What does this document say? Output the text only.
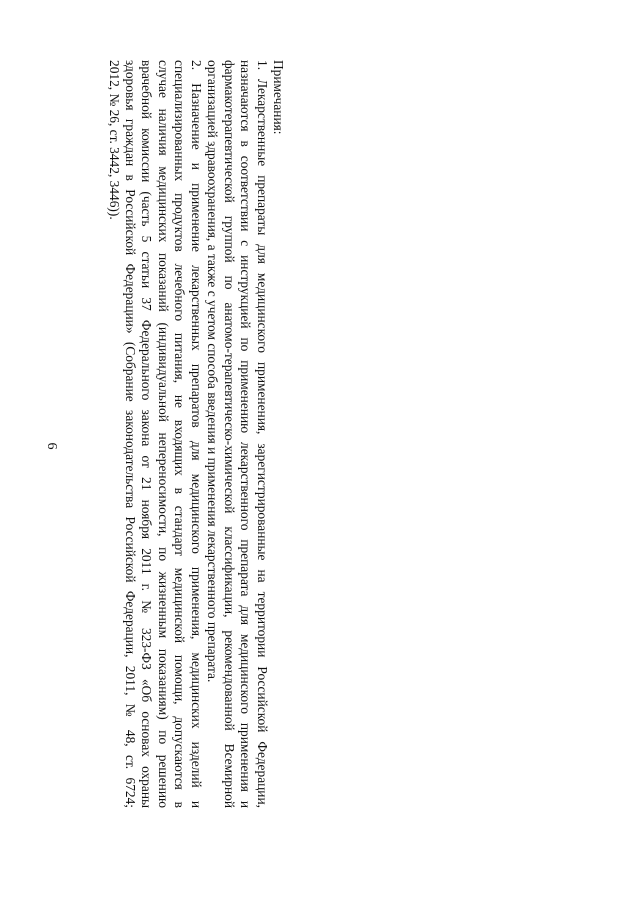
6
Примечания:
1. Лекарственные препараты для медицинского применения, зарегистрированные на территории Российской Федерации,
назначаются в соответствии с инструкцией по применению лекарственного препарата для медицинского применения и
фармакотерапевтической группой по анатомо-терапевтическо-химической классификации, рекомендованной Всемирной
организацией здравоохранения, а также с учетом способа введения и применения лекарственного препарата.
2. Назначение и применение лекарственных препаратов для медицинского применения, медицинских изделий и
специализированных продуктов лечебного питания, не входящих в стандарт медицинской помощи, допускаются в
случае наличия медицинских показаний (индивидуальной непереносимости, по жизненным показаниям) по решению
врачебной комиссии (часть 5 статьи 37 Федерального закона от 21 ноября 2011 г. № 323-ФЗ «Об основах охраны
здоровья граждан в Российской Федерации» (Собрание законодательства Российской Федерации, 2011, № 48, ст. 6724;
2012, № 26, ст. 3442, 3446)).
